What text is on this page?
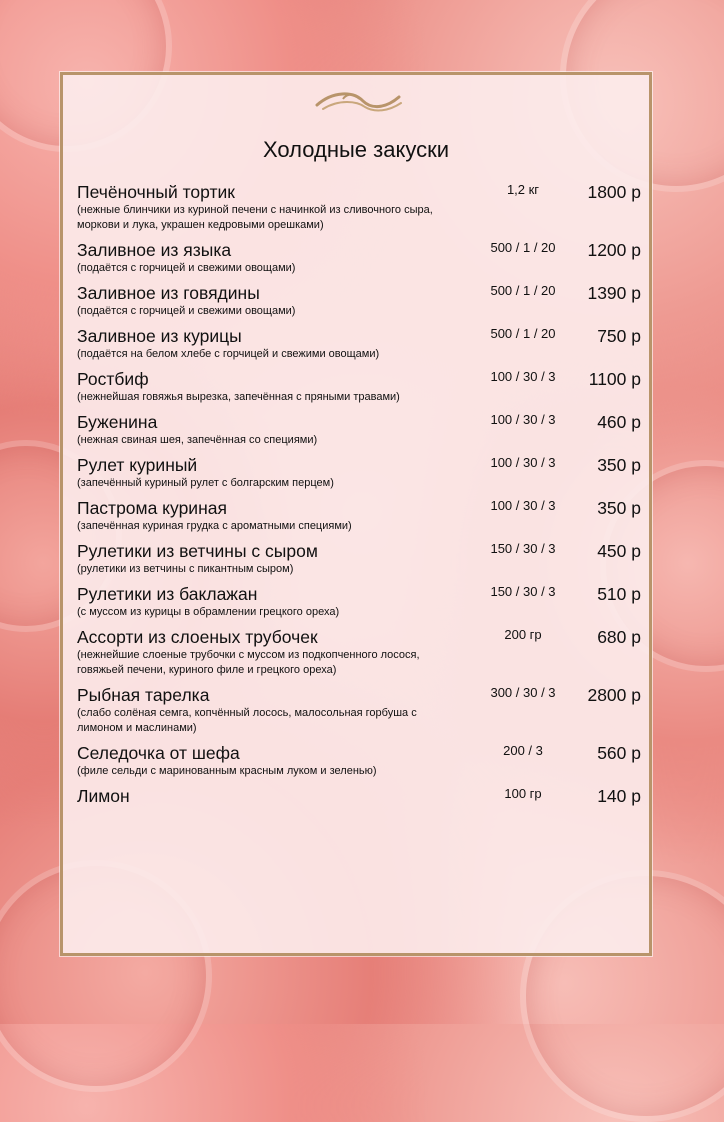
Холодные закуски
Печёночный тортик
(нежные блинчики из куриной печени с начинкой из сливочного сыра, моркови и лука, украшен кедровыми орешками)
1,2 кг	1800 р
Заливное из языка
(подаётся с горчицей и свежими овощами)
500 / 1 / 20	1200 р
Заливное из говядины
(подаётся с горчицей и свежими овощами)
500 / 1 / 20	1390 р
Заливное из курицы
(подаётся на белом хлебе с горчицей и свежими овощами)
500 / 1 / 20	750 р
Ростбиф
(нежнейшая говяжья вырезка, запечённая с пряными травами)
100 / 30 / 3	1100 р
Буженина
(нежная свиная шея, запечённая со специями)
100 / 30 / 3	460 р
Рулет куриный
(запечённый куриный рулет с болгарским перцем)
100 / 30 / 3	350 р
Пастрома куриная
(запечённая куриная грудка с ароматными специями)
100 / 30 / 3	350 р
Рулетики из ветчины с сыром
(рулетики из ветчины с пикантным сыром)
150 / 30 / 3	450 р
Рулетики из баклажан
(с муссом из курицы в обрамлении грецкого ореха)
150 / 30 / 3	510 р
Ассорти из слоеных трубочек
(нежнейшие слоеные трубочки с муссом из подкопченного лосося, говяжьей печени, куриного филе и грецкого ореха)
200 гр	680 р
Рыбная тарелка
(слабо солёная семга, копчённый лосось, малосольная горбуша с лимоном и маслинами)
300 / 30 / 3	2800 р
Селедочка от шефа
(филе сельди с маринованным красным луком и зеленью)
200 / 3	560 р
Лимон	100 гр	140 р
